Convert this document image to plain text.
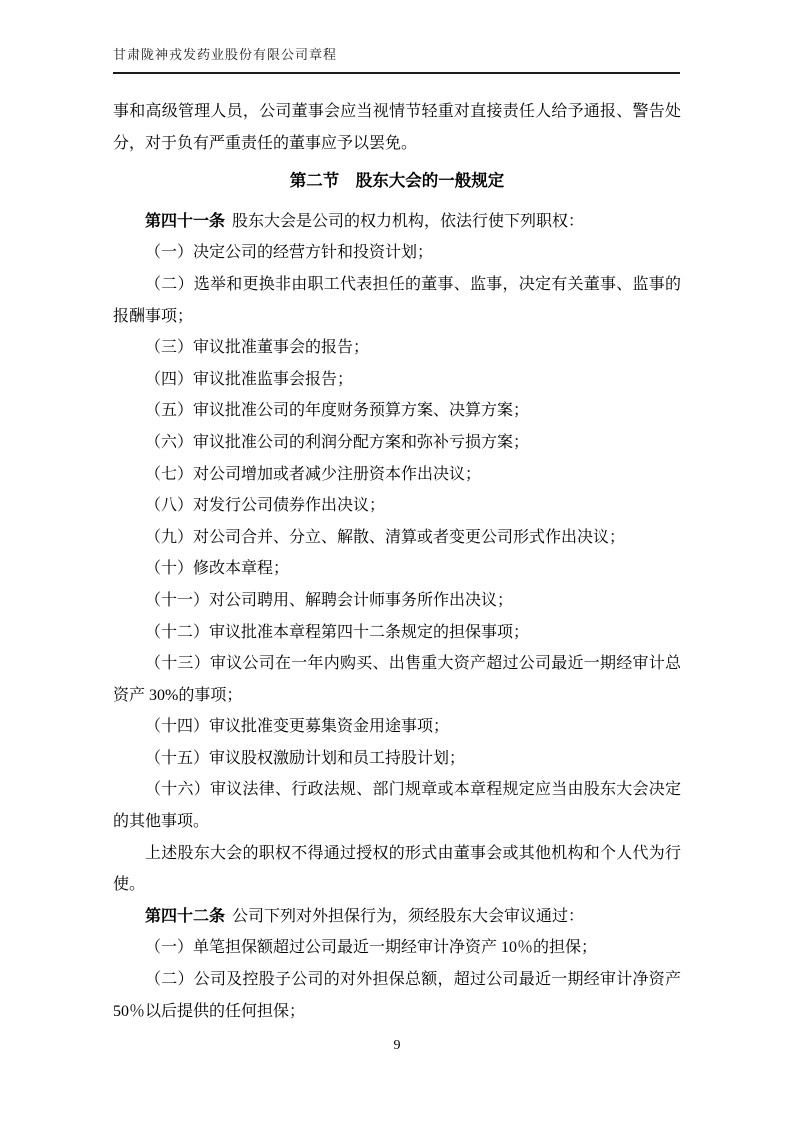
甘肃陇神戎发药业股份有限公司章程

事和高级管理人员，公司董事会应当视情节轻重对直接责任人给予通报、警告处分，对于负有严重责任的董事应予以罢免。

第二节　股东大会的一般规定

第四十一条 股东大会是公司的权力机构，依法行使下列职权：

（一）决定公司的经营方针和投资计划；

（二）选举和更换非由职工代表担任的董事、监事，决定有关董事、监事的报酬事项；

（三）审议批准董事会的报告；

（四）审议批准监事会报告；

（五）审议批准公司的年度财务预算方案、决算方案；

（六）审议批准公司的利润分配方案和弥补亏损方案；

（七）对公司增加或者减少注册资本作出决议；

（八）对发行公司债券作出决议；

（九）对公司合并、分立、解散、清算或者变更公司形式作出决议；

（十）修改本章程；

（十一）对公司聘用、解聘会计师事务所作出决议；

（十二）审议批准本章程第四十二条规定的担保事项；

（十三）审议公司在一年内购买、出售重大资产超过公司最近一期经审计总资产 30%的事项；

（十四）审议批准变更募集资金用途事项；

（十五）审议股权激励计划和员工持股计划；

（十六）审议法律、行政法规、部门规章或本章程规定应当由股东大会决定的其他事项。

上述股东大会的职权不得通过授权的形式由董事会或其他机构和个人代为行使。

第四十二条 公司下列对外担保行为，须经股东大会审议通过：

（一）单笔担保额超过公司最近一期经审计净资产 10％的担保；

（二）公司及控股子公司的对外担保总额，超过公司最近一期经审计净资产50％以后提供的任何担保；

9
